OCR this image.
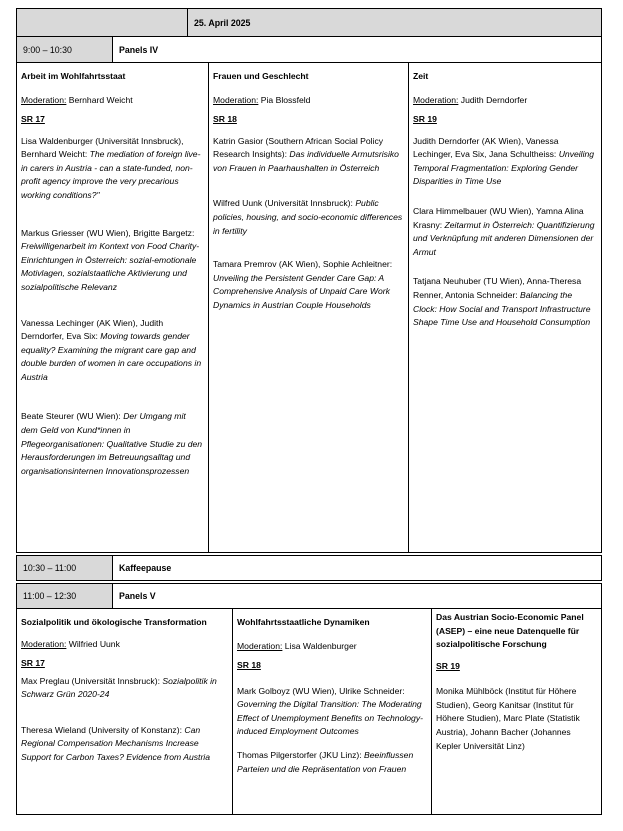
25. April 2025
9:00 – 10:30	Panels IV
Arbeit im Wohlfahrtsstaat
Moderation: Bernhard Weicht
SR 17
Lisa Waldenburger (Universität Innsbruck), Bernhard Weicht: The mediation of foreign live-in carers in Austria - can a state-funded, non-profit agency improve the very precarious working conditions?"
Markus Griesser (WU Wien), Brigitte Bargetz: Freiwilligenarbeit im Kontext von Food Charity-Einrichtungen in Österreich: sozial-emotionale Motivlagen, sozialstaatliche Aktivierung und sozialpolitische Relevanz
Vanessa Lechinger (AK Wien), Judith Derndorfer, Eva Six: Moving towards gender equality? Examining the migrant care gap and double burden of women in care occupations in Austria
Beate Steurer (WU Wien): Der Umgang mit dem Geld von Kund*innen in Pflegeorganisationen: Qualitative Studie zu den Herausforderungen im Betreuungsalltag und organisationsinternen Innovationsprozessen
Frauen und Geschlecht
Moderation: Pia Blossfeld
SR 18
Katrin Gasior (Southern African Social Policy Research Insights): Das individuelle Armutsrisiko von Frauen in Paarhaushalten in Österreich
Wilfred Uunk (Universität Innsbruck): Public policies, housing, and socio-economic differences in fertility
Tamara Premrov (AK Wien), Sophie Achleitner: Unveiling the Persistent Gender Care Gap: A Comprehensive Analysis of Unpaid Care Work Dynamics in Austrian Couple Households
Zeit
Moderation: Judith Derndorfer
SR 19
Judith Derndorfer (AK Wien), Vanessa Lechinger, Eva Six, Jana Schultheiss: Unveiling Temporal Fragmentation: Exploring Gender Disparities in Time Use
Clara Himmelbauer (WU Wien), Yamna Alina Krasny: Zeitarmut in Österreich: Quantifizierung und Verknüpfung mit anderen Dimensionen der Armut
Tatjana Neuhuber (TU Wien), Anna-Theresa Renner, Antonia Schneider: Balancing the Clock: How Social and Transport Infrastructure Shape Time Use and Household Consumption
10:30 – 11:00	Kaffeepause
11:00 – 12:30	Panels V
Sozialpolitik und ökologische Transformation
Moderation: Wilfried Uunk
SR 17
Max Preglau (Universität Innsbruck): Sozialpolitik in Schwarz Grün 2020-24
Theresa Wieland (University of Konstanz): Can Regional Compensation Mechanisms Increase Support for Carbon Taxes? Evidence from Austria
Wohlfahrtsstaatliche Dynamiken
Moderation: Lisa Waldenburger
SR 18
Mark Golboyz (WU Wien), Ulrike Schneider: Governing the Digital Transition: The Moderating Effect of Unemployment Benefits on Technology-induced Employment Outcomes
Thomas Pilgerstorfer (JKU Linz): Beeinflussen Parteien und die Repräsentation von Frauen
Das Austrian Socio-Economic Panel (ASEP) – eine neue Datenquelle für sozialpolitische Forschung
SR 19
Monika Mühlböck (Institut für Höhere Studien), Georg Kanitsar (Institut für Höhere Studien), Marc Plate (Statistik Austria), Johann Bacher (Johannes Kepler Universität Linz)
